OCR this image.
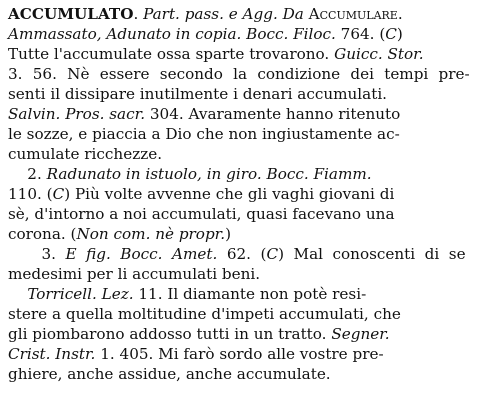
ACCUMULATO. Part. pass. e Agg. Da Accumulare.
Ammassato, Adunato in copia. Bocc. Filoc. 764. (C)
Tutte l'accumulate ossa sparte trovarono. Guicc. Stor.
3. 56. Nè essere secondo la condizione dei tempi pre-
senti il dissipare inutilmente i denari accumulati.
Salvin. Pros. sacr. 304. Avaramente hanno ritenuto
le sozze, e piaccia a Dio che non ingiustamente ac-
cumulate ricchezze.
2. Radunato in istuolo, in giro. Bocc. Fiamm.
110. (C) Più volte avvenne che gli vaghi giovani di
sè, d'intorno a noi accumulati, quasi facevano una
corona. (Non com. nè propr.)
3. E fig. Bocc. Amet. 62. (C) Mal conoscenti di se
medesimi per li accumulati beni.
Torricell. Lez. 11. Il diamante non potè resi-
stere a quella moltitudine d'impeti accumulati, che
gli piombarono addosso tutti in un tratto. Segner.
Crist. Instr. 1. 405. Mi farò sordo alle vostre pre-
ghiere, anche assidue, anche accumulate.
